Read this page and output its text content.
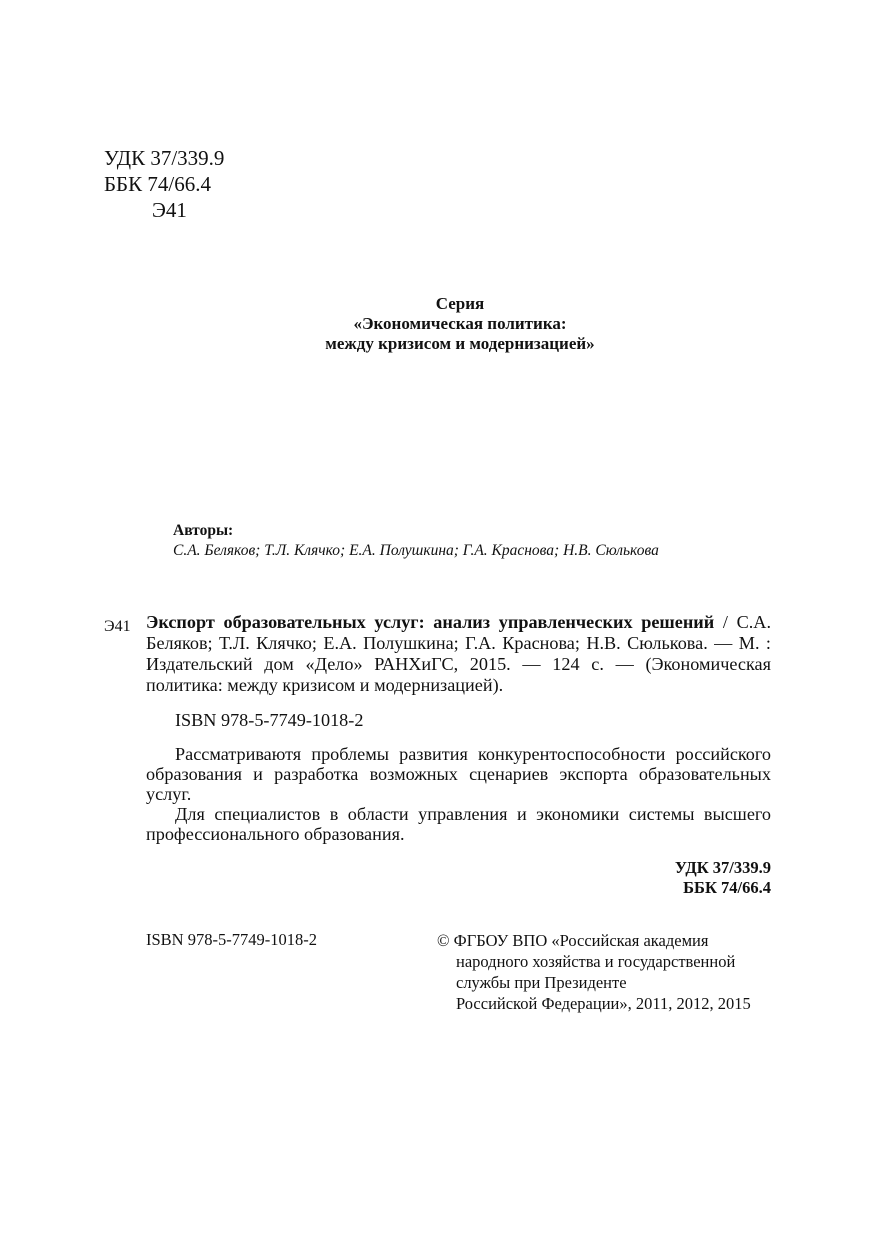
УДК 37/339.9
ББК 74/66.4
Э41
Серия
«Экономическая политика:
между кризисом и модернизацией»
Авторы:
С.А. Беляков; Т.Л. Клячко; Е.А. Полушкина; Г.А. Краснова; Н.В. Сюлькова
Э41 Экспорт образовательных услуг: анализ управленческих решений / С.А. Беляков; Т.Л. Клячко; Е.А. Полушкина; Г.А. Краснова; Н.В. Сюлькова. — М. : Издательский дом «Дело» РАНХиГС, 2015. — 124 с. — (Экономическая политика: между кризисом и модернизацией).
ISBN 978-5-7749-1018-2

Рассматриваютя проблемы развития конкурентоспособности российского образования и разработка возможных сценариев экспорта образовательных услуг.

Для специалистов в области управления и экономики системы высшего профессионального образования.

УДК 37/339.9
ББК 74/66.4
ISBN 978-5-7749-1018-2	© ФГБОУ ВПО «Российская академия
народного хозяйства и государственной
службы при Президенте
Российской Федерации», 2011, 2012, 2015
